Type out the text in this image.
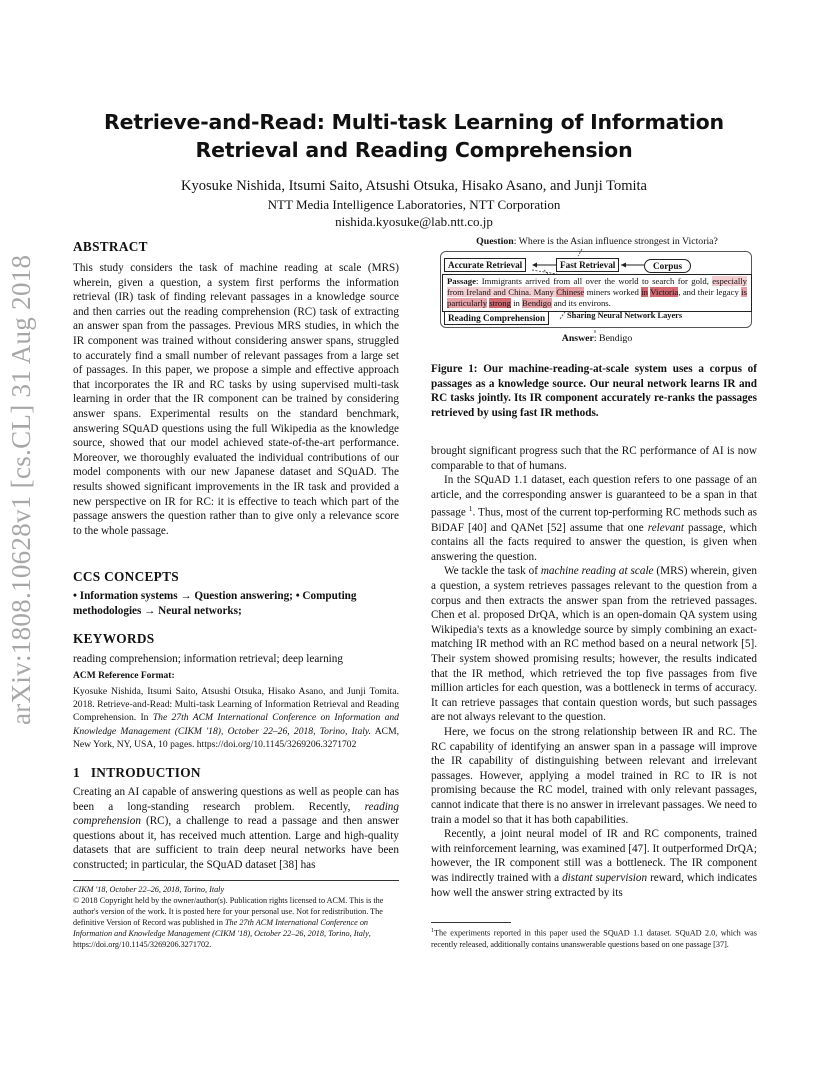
Retrieve-and-Read: Multi-task Learning of Information
Retrieval and Reading Comprehension
Kyosuke Nishida, Itsumi Saito, Atsushi Otsuka, Hisako Asano, and Junji Tomita
NTT Media Intelligence Laboratories, NTT Corporation
nishida.kyosuke@lab.ntt.co.jp
arXiv:1808.10628v1 [cs.CL] 31 Aug 2018
ABSTRACT
This study considers the task of machine reading at scale (MRS) wherein, given a question, a system first performs the information retrieval (IR) task of finding relevant passages in a knowledge source and then carries out the reading comprehension (RC) task of extracting an answer span from the passages. Previous MRS studies, in which the IR component was trained without considering answer spans, struggled to accurately find a small number of relevant passages from a large set of passages. In this paper, we propose a simple and effective approach that incorporates the IR and RC tasks by using supervised multi-task learning in order that the IR component can be trained by considering answer spans. Experimental results on the standard benchmark, answering SQuAD questions using the full Wikipedia as the knowledge source, showed that our model achieved state-of-the-art performance. Moreover, we thoroughly evaluated the individual contributions of our model components with our new Japanese dataset and SQuAD. The results showed significant improvements in the IR task and provided a new perspective on IR for RC: it is effective to teach which part of the passage answers the question rather than to give only a relevance score to the whole passage.
CCS CONCEPTS
• Information systems → Question answering; • Computing methodologies → Neural networks;
KEYWORDS
reading comprehension; information retrieval; deep learning
ACM Reference Format:
Kyosuke Nishida, Itsumi Saito, Atsushi Otsuka, Hisako Asano, and Junji Tomita. 2018. Retrieve-and-Read: Multi-task Learning of Information Retrieval and Reading Comprehension. In The 27th ACM International Conference on Information and Knowledge Management (CIKM '18), October 22–26, 2018, Torino, Italy. ACM, New York, NY, USA, 10 pages. https://doi.org/10.1145/3269206.3271702
1 INTRODUCTION
Creating an AI capable of answering questions as well as people can has been a long-standing research problem. Recently, reading comprehension (RC), a challenge to read a passage and then answer questions about it, has received much attention. Large and high-quality datasets that are sufficient to train deep neural networks have been constructed; in particular, the SQuAD dataset [38] has
CIKM '18, October 22–26, 2018, Torino, Italy
© 2018 Copyright held by the owner/author(s). Publication rights licensed to ACM. This is the author's version of the work. It is posted here for your personal use. Not for redistribution. The definitive Version of Record was published in The 27th ACM International Conference on Information and Knowledge Management (CIKM '18), October 22–26, 2018, Torino, Italy, https://doi.org/10.1145/3269206.3271702.
Question: Where is the Asian influence strongest in Victoria?
Accurate Retrieval	Fast Retrieval	Corpus
Passage: Immigrants arrived from all over the world to search for gold, especially from Ireland and China. Many Chinese miners worked in Victoria, and their legacy is particularly strong in Bendigo and its environs.
Reading Comprehension	Sharing Neural Network Layers
Answer: Bendigo
Figure 1: Our machine-reading-at-scale system uses a corpus of passages as a knowledge source. Our neural network learns IR and RC tasks jointly. Its IR component accurately re-ranks the passages retrieved by using fast IR methods.

brought significant progress such that the RC performance of AI is now comparable to that of humans.

In the SQuAD 1.1 dataset, each question refers to one passage of an article, and the corresponding answer is guaranteed to be a span in that passage $^1$. Thus, most of the current top-performing RC methods such as BiDAF [40] and QANet [52] assume that one relevant passage, which contains all the facts required to answer the question, is given when answering the question.

We tackle the task of machine reading at scale (MRS) wherein, given a question, a system retrieves passages relevant to the question from a corpus and then extracts the answer span from the retrieved passages. Chen et al. proposed DrQA, which is an open-domain QA system using Wikipedia's texts as a knowledge source by simply combining an exact-matching IR method with an RC method based on a neural network [5]. Their system showed promising results; however, the results indicated that the IR method, which retrieved the top five passages from five million articles for each question, was a bottleneck in terms of accuracy. It can retrieve passages that contain question words, but such passages are not always relevant to the question.

Here, we focus on the strong relationship between IR and RC. The RC capability of identifying an answer span in a passage will improve the IR capability of distinguishing between relevant and irrelevant passages. However, applying a model trained in RC to IR is not promising because the RC model, trained with only relevant passages, cannot indicate that there is no answer in irrelevant passages. We need to train a model so that it has both capabilities.

Recently, a joint neural model of IR and RC components, trained with reinforcement learning, was examined [47]. It outperformed DrQA; however, the IR component still was a bottleneck. The IR component was indirectly trained with a distant supervision reward, which indicates how well the answer string extracted by its

$^1$The experiments reported in this paper used the SQuAD 1.1 dataset. SQuAD 2.0, which was recently released, additionally contains unanswerable questions based on one passage [37].
